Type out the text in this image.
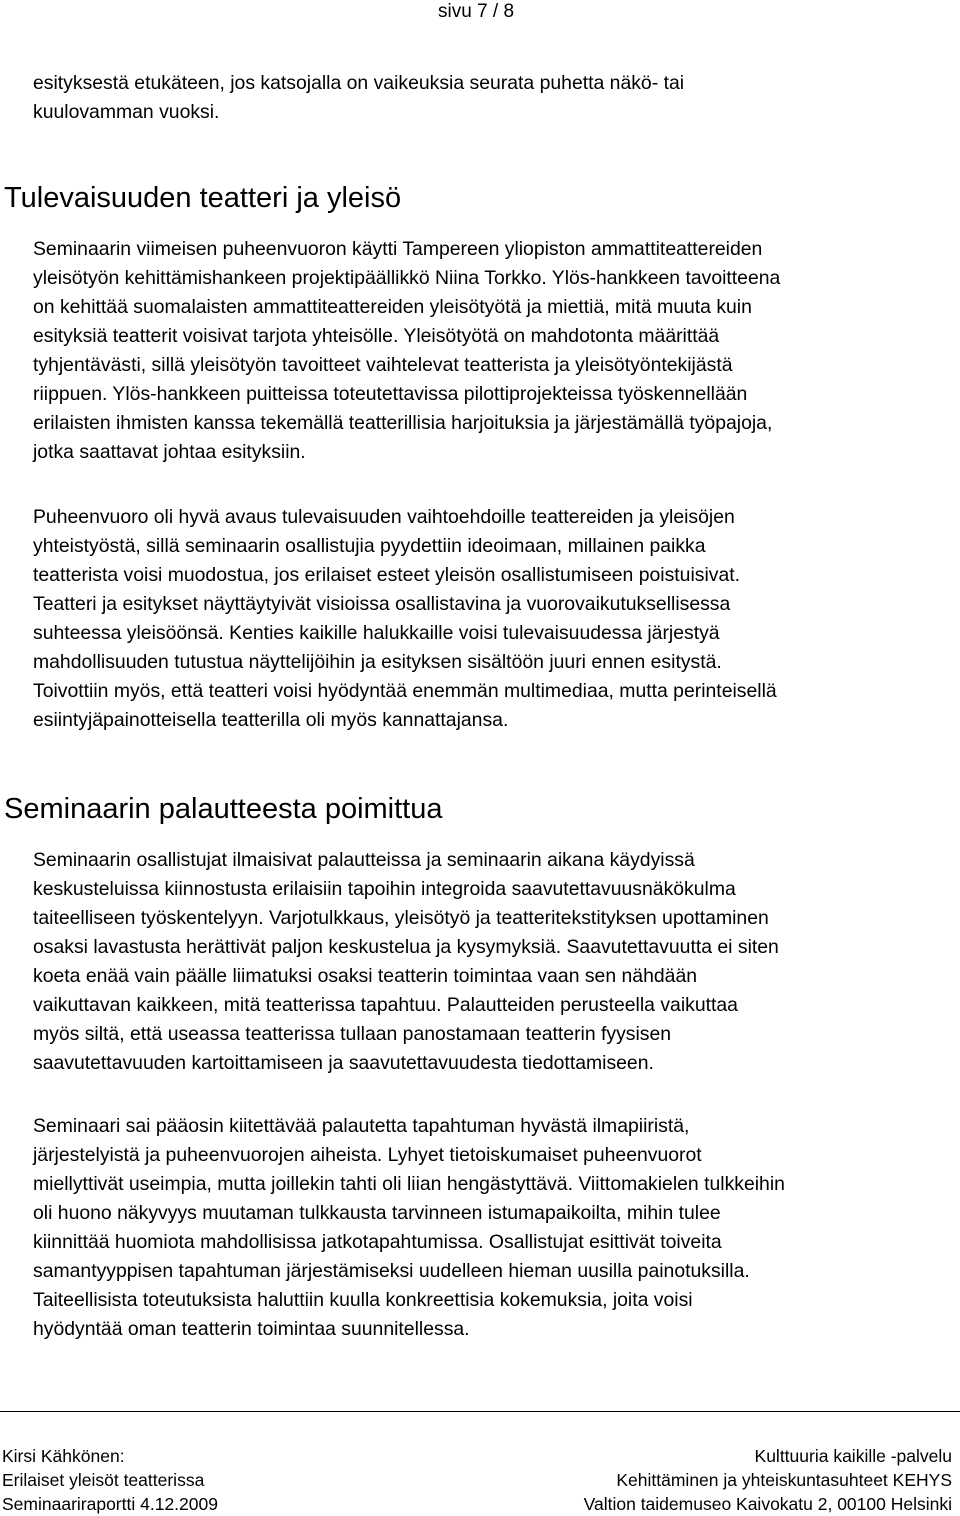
sivu 7 / 8

esityksestä etukäteen, jos katsojalla on vaikeuksia seurata puhetta näkö- tai
kuulovamman vuoksi.

Tulevaisuuden teatteri ja yleisö

Seminaarin viimeisen puheenvuoron käytti Tampereen yliopiston ammattiteattereiden
yleisötyön kehittämishankeen projektipäällikkö Niina Torkko. Ylös-hankkeen tavoitteena
on kehittää suomalaisten ammattiteattereiden yleisötyötä ja miettiä, mitä muuta kuin
esityksiä teatterit voisivat tarjota yhteisölle. Yleisötyötä on mahdotonta määrittää
tyhjentävästi, sillä yleisötyön tavoitteet vaihtelevat teatterista ja yleisötyöntekijästä
riippuen. Ylös-hankkeen puitteissa toteutettavissa pilottiprojekteissa työskennellään
erilaisten ihmisten kanssa tekemällä teatterillisia harjoituksia ja järjestämällä työpajoja,
jotka saattavat johtaa esityksiin.

Puheenvuoro oli hyvä avaus tulevaisuuden vaihtoehdoille teattereiden ja yleisöjen
yhteistyöstä, sillä seminaarin osallistujia pyydettiin ideoimaan, millainen paikka
teatterista voisi muodostua, jos erilaiset esteet yleisön osallistumiseen poistuisivat.
Teatteri ja esitykset näyttäytyivät visioissa osallistavina ja vuorovaikutuksellisessa
suhteessa yleisöönsä. Kenties kaikille halukkaille voisi tulevaisuudessa järjestyä
mahdollisuuden tutustua näyttelijöihin ja esityksen sisältöön juuri ennen esitystä.
Toivottiin myös, että teatteri voisi hyödyntää enemmän multimediaa, mutta perinteisellä
esiintyjäpainotteisella teatterilla oli myös kannattajansa.

Seminaarin palautteesta poimittua

Seminaarin osallistujat ilmaisivat palautteissa ja seminaarin aikana käydyissä
keskusteluissa kiinnostusta erilaisiin tapoihin integroida saavutettavuusnäkökulma
taiteelliseen työskentelyyn. Varjotulkkaus, yleisötyö ja teatteritekstityksen upottaminen
osaksi lavastusta herättivät paljon keskustelua ja kysymyksiä. Saavutettavuutta ei siten
koeta enää vain päälle liimatuksi osaksi teatterin toimintaa vaan sen nähdään
vaikuttavan kaikkeen, mitä teatterissa tapahtuu. Palautteiden perusteella vaikuttaa
myös siltä, että useassa teatterissa tullaan panostamaan teatterin fyysisen
saavutettavuuden kartoittamiseen ja saavutettavuudesta tiedottamiseen.

Seminaari sai pääosin kiitettävää palautetta tapahtuman hyvästä ilmapiiristä,
järjestelyistä ja puheenvuorojen aiheista. Lyhyet tietoiskumaiset puheenvuorot
miellyttivät useimpia, mutta joillekin tahti oli liian hengästyttävä. Viittomakielen tulkkeihin
oli huono näkyvyys muutaman tulkkausta tarvinneen istumapaikoilta, mihin tulee
kiinnittää huomiota mahdollisissa jatkotapahtumissa. Osallistujat esittivät toiveita
samantyyppisen tapahtuman järjestämiseksi uudelleen hieman uusilla painotuksilla.
Taiteellisista toteutuksista haluttiin kuulla konkreettisia kokemuksia, joita voisi
hyödyntää oman teatterin toimintaa suunnitellessa.

Kirsi Kähkönen:
Erilaiset yleisöt teatterissa
Seminaariraportti 4.12.2009
Kulttuuria kaikille -palvelu
Kehittäminen ja yhteiskuntasuhteet KEHYS
Valtion taidemuseo Kaivokatu 2, 00100 Helsinki
